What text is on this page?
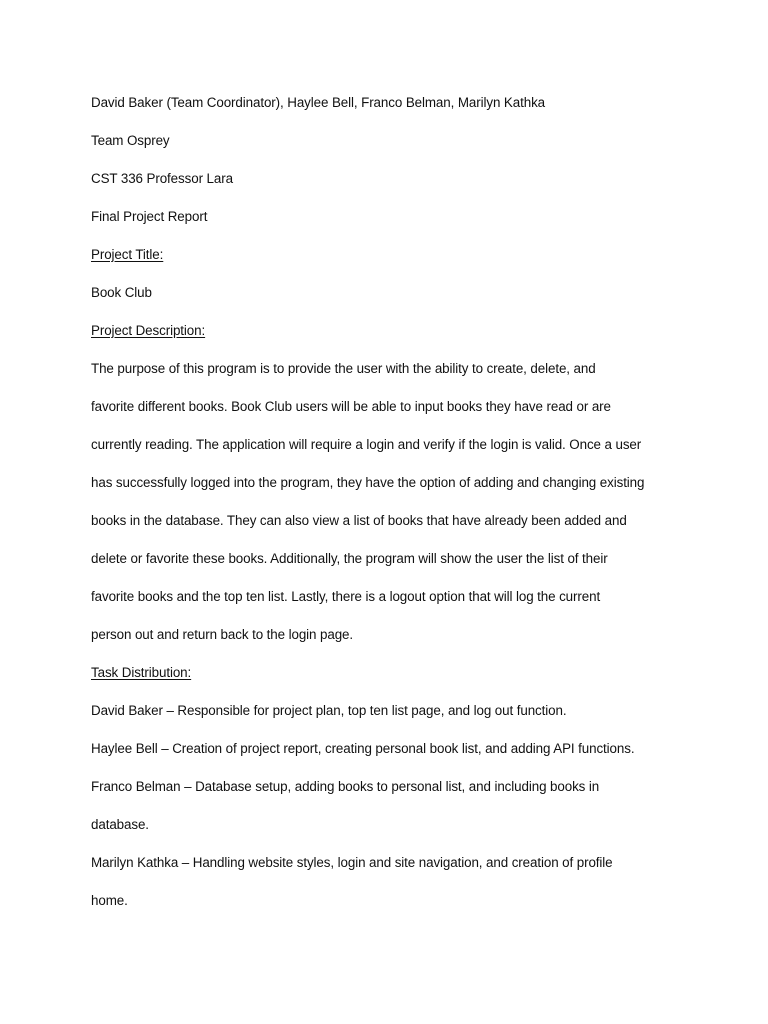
David Baker (Team Coordinator), Haylee Bell, Franco Belman, Marilyn Kathka
Team Osprey
CST 336 Professor Lara
Final Project Report
Project Title:
Book Club
Project Description:
The purpose of this program is to provide the user with the ability to create, delete, and
favorite different books. Book Club users will be able to input books they have read or are
currently reading. The application will require a login and verify if the login is valid. Once a user
has successfully logged into the program, they have the option of adding and changing existing
books in the database. They can also view a list of books that have already been added and
delete or favorite these books. Additionally, the program will show the user the list of their
favorite books and the top ten list. Lastly, there is a logout option that will log the current
person out and return back to the login page.
Task Distribution:
David Baker – Responsible for project plan, top ten list page, and log out function.
Haylee Bell – Creation of project report, creating personal book list, and adding API functions.
Franco Belman – Database setup, adding books to personal list, and including books in
database.
Marilyn Kathka – Handling website styles, login and site navigation, and creation of profile
home.
